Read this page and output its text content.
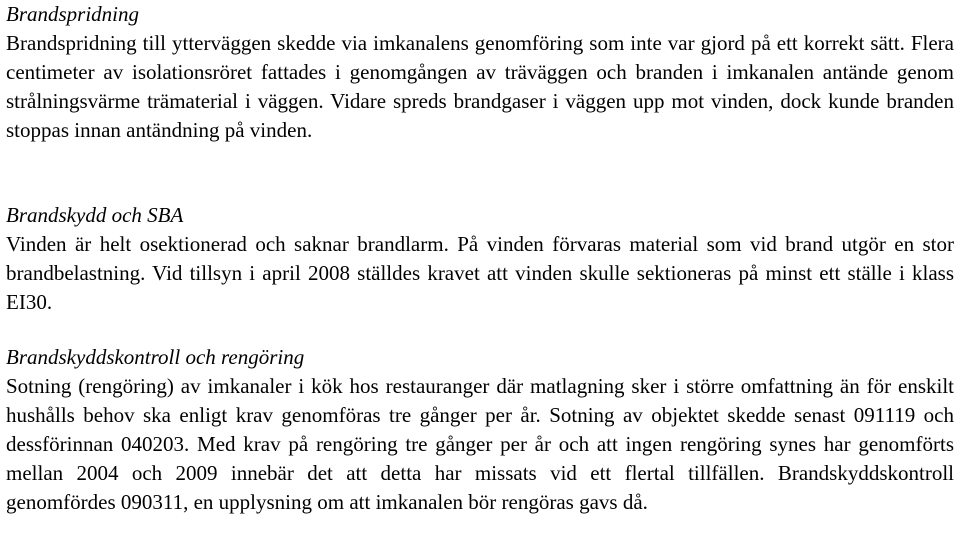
Brandspridning

Brandspridning till ytterväggen skedde via imkanalens genomföring som inte var gjord på ett korrekt sätt. Flera centimeter av isolationsröret fattades i genomgången av träväggen och branden i imkanalen antände genom strålningsvärme trämaterial i väggen. Vidare spreds brandgaser i väggen upp mot vinden, dock kunde branden stoppas innan antändning på vinden.

Brandskydd och SBA

Vinden är helt osektionerad och saknar brandlarm. På vinden förvaras material som vid brand utgör en stor brandbelastning. Vid tillsyn i april 2008 ställdes kravet att vinden skulle sektioneras på minst ett ställe i klass EI30.

Brandskyddskontroll och rengöring

Sotning (rengöring) av imkanaler i kök hos restauranger där matlagning sker i större omfattning än för enskilt hushålls behov ska enligt krav genomföras tre gånger per år. Sotning av objektet skedde senast 091119 och dessförinnan 040203. Med krav på rengöring tre gånger per år och att ingen rengöring synes har genomförts mellan 2004 och 2009 innebär det att detta har missats vid ett flertal tillfällen. Brandskyddskontroll genomfördes 090311, en upplysning om att imkanalen bör rengöras gavs då.
